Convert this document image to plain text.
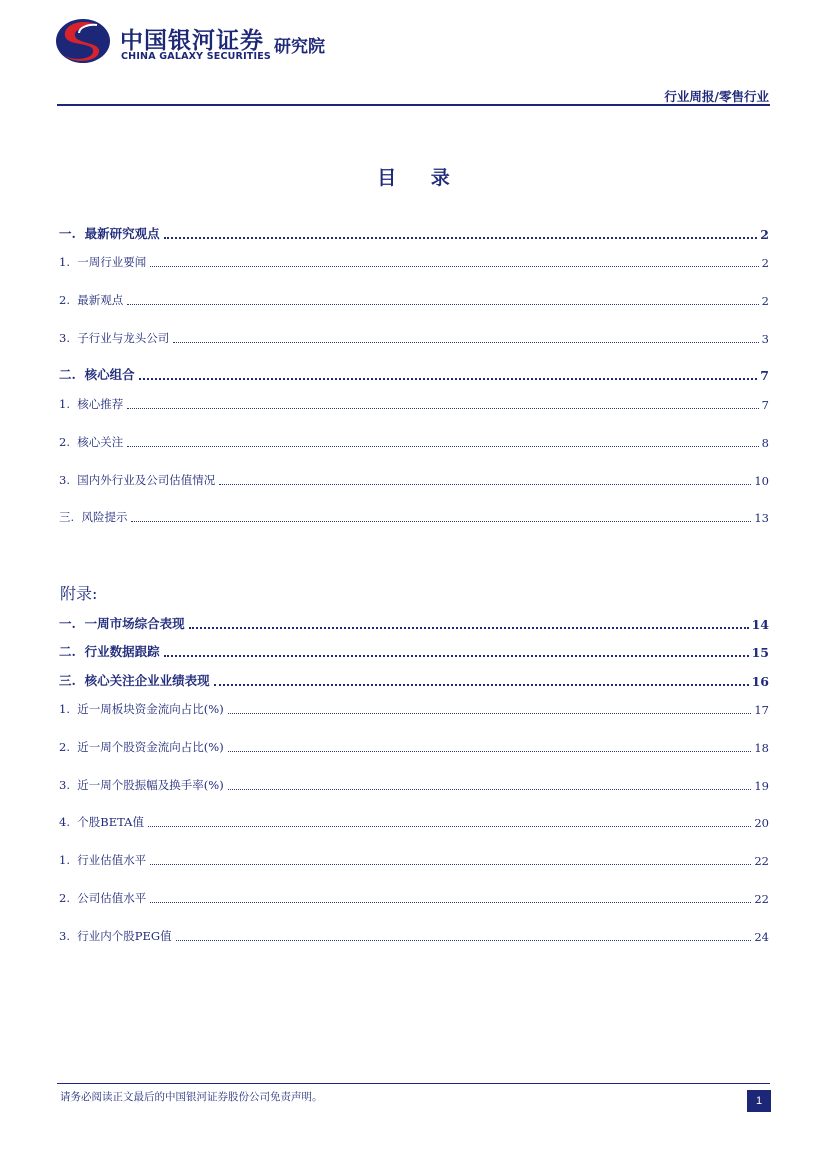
中国银河证券
CHINA GALAXY SECURITIES 研究院
行业周报/零售行业
目 录
一. 最新研究观点	2
1. 一周行业要闻	2
2. 最新观点	2
3. 子行业与龙头公司	3
二. 核心组合	7
1. 核心推荐	7
2. 核心关注	8
3. 国内外行业及公司估值情况	10
三. 风险提示	13
一. 一周市场综合表现	14
二. 行业数据跟踪	15
三. 核心关注企业业绩表现	16
1. 近一周板块资金流向占比(%)	17
2. 近一周个股资金流向占比(%)	18
3. 近一周个股振幅及换手率(%)	19
4. 个股BETA值	20
1. 行业估值水平	22
2. 公司估值水平	22
3. 行业内个股PEG值	24
附录:
请务必阅读正文最后的中国银河证券股份公司免责声明。	1
